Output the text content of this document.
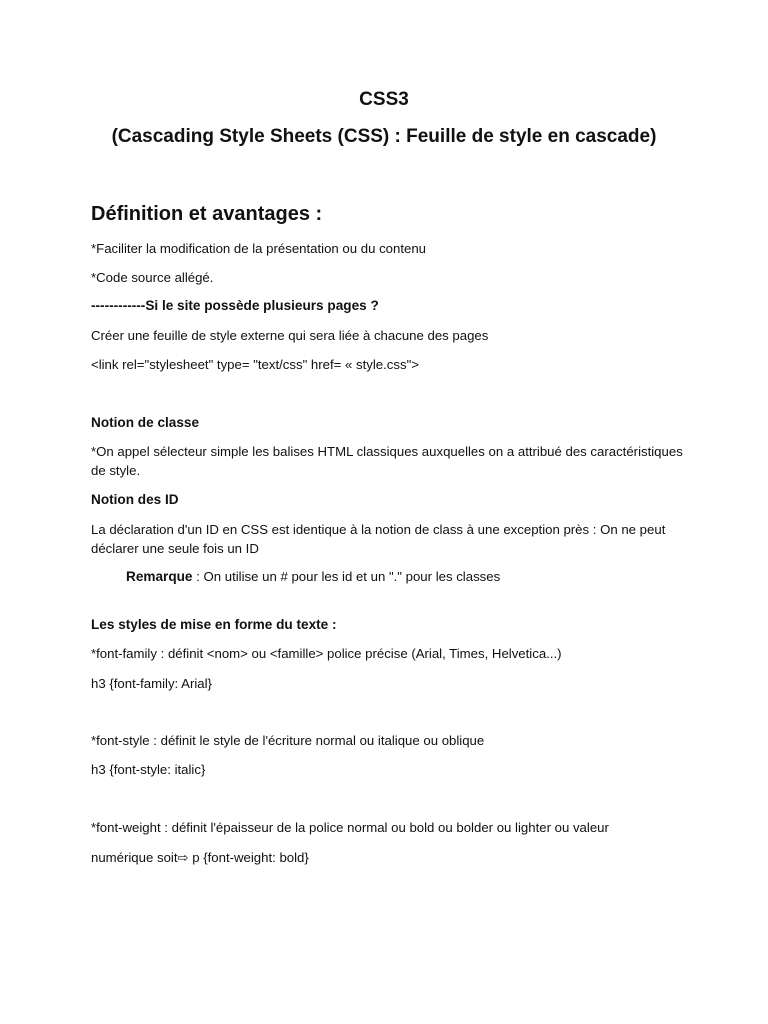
CSS3
(Cascading Style Sheets (CSS) : Feuille de style en cascade)
Définition et avantages :
*Faciliter la modification de la présentation ou du contenu
*Code source allégé.
------------Si le site possède plusieurs pages ?
Créer une feuille de style externe qui sera liée à chacune des pages
<link rel="stylesheet" type= "text/css" href= « style.css">
Notion de classe
*On appel sélecteur simple les balises HTML classiques auxquelles on a attribué des caractéristiques de style.
Notion des ID
La déclaration d'un ID en CSS est identique à la notion de class à une exception près : On ne peut déclarer une seule fois un ID
Remarque : On utilise un # pour les id et un "." pour les classes
Les styles de mise en forme du texte :
*font-family : définit <nom> ou <famille> police précise (Arial, Times, Helvetica...)
h3 {font-family: Arial}
*font-style : définit le style de l'écriture normal ou italique ou oblique
h3 {font-style: italic}
*font-weight : définit l'épaisseur de la police normal ou bold ou bolder ou lighter ou valeur
numérique soit⇨ p {font-weight: bold}
